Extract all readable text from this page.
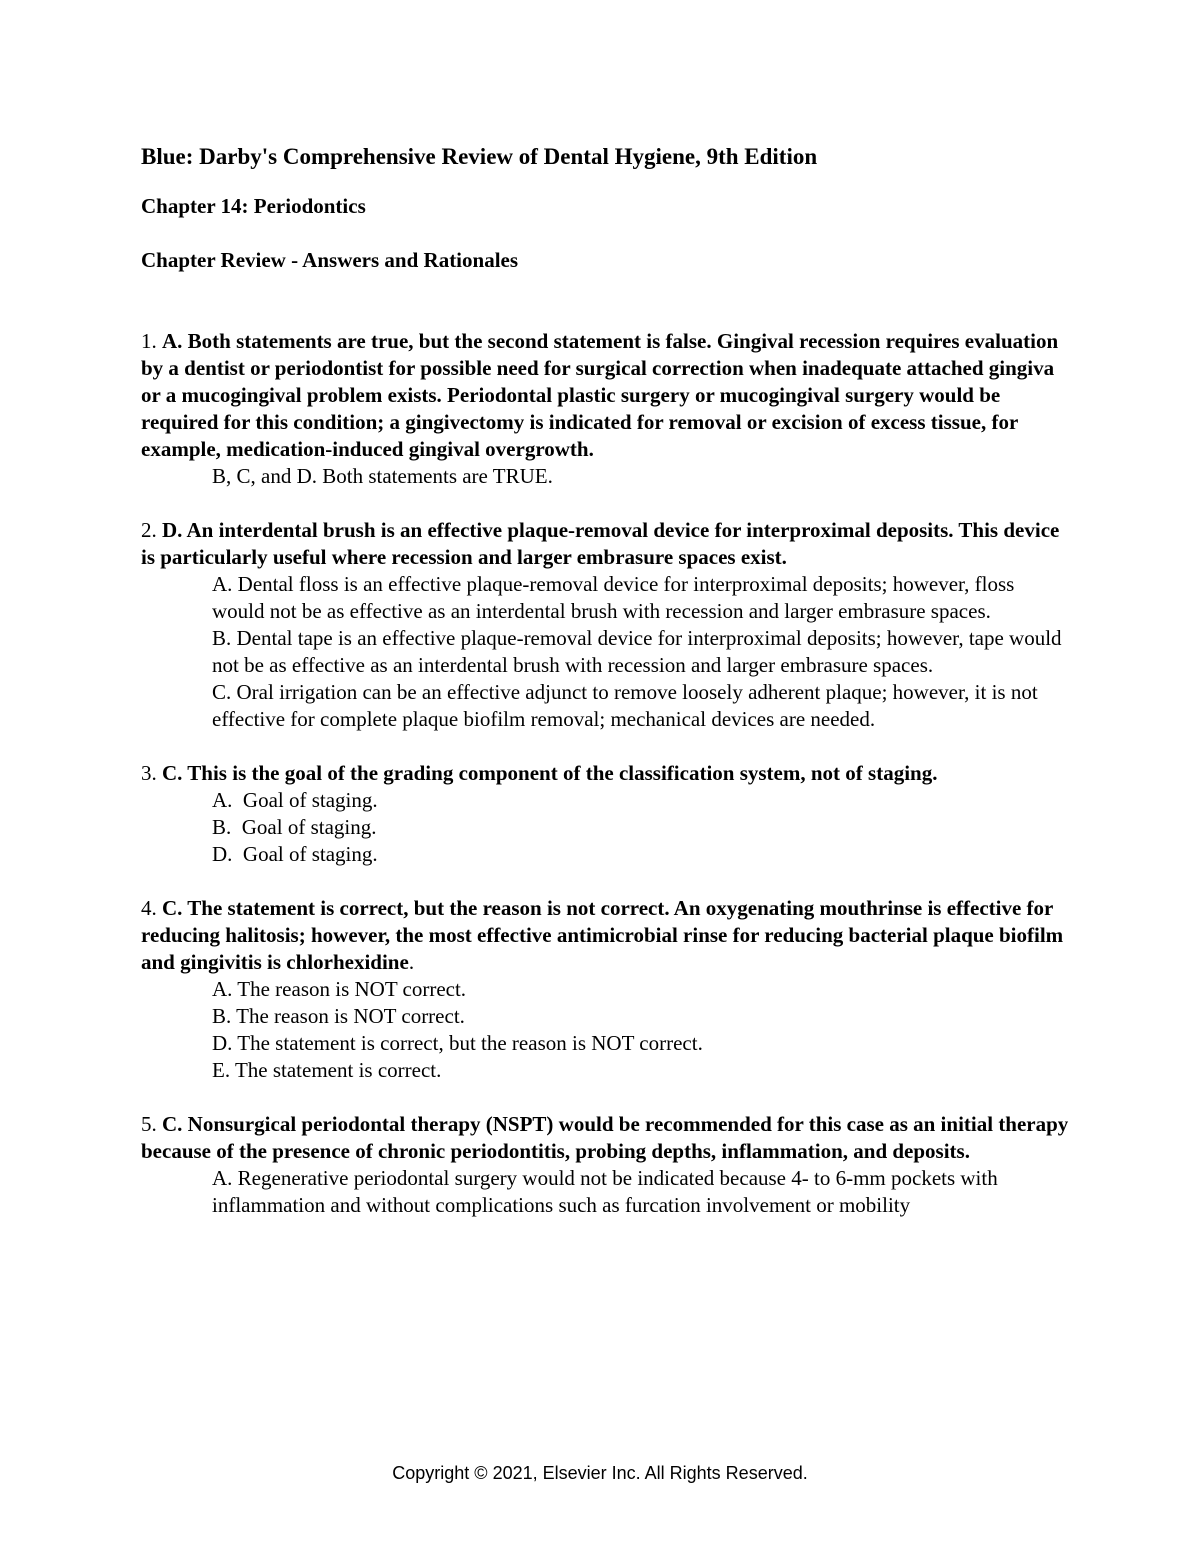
Blue: Darby's Comprehensive Review of Dental Hygiene, 9th Edition
Chapter 14: Periodontics
Chapter Review - Answers and Rationales

1. A. Both statements are true, but the second statement is false. Gingival recession requires evaluation by a dentist or periodontist for possible need for surgical correction when inadequate attached gingiva or a mucogingival problem exists. Periodontal plastic surgery or mucogingival surgery would be required for this condition; a gingivectomy is indicated for removal or excision of excess tissue, for example, medication-induced gingival overgrowth.

B, C, and D. Both statements are TRUE.

2. D. An interdental brush is an effective plaque-removal device for interproximal deposits. This device is particularly useful where recession and larger embrasure spaces exist.

A. Dental floss is an effective plaque-removal device for interproximal deposits; however, floss would not be as effective as an interdental brush with recession and larger embrasure spaces.

B. Dental tape is an effective plaque-removal device for interproximal deposits; however, tape would not be as effective as an interdental brush with recession and larger embrasure spaces.

C. Oral irrigation can be an effective adjunct to remove loosely adherent plaque; however, it is not effective for complete plaque biofilm removal; mechanical devices are needed.

3. C. This is the goal of the grading component of the classification system, not of staging.

A.  Goal of staging.

B.  Goal of staging.

D.  Goal of staging.

4. C. The statement is correct, but the reason is not correct. An oxygenating mouthrinse is effective for reducing halitosis; however, the most effective antimicrobial rinse for reducing bacterial plaque biofilm and gingivitis is chlorhexidine.

A. The reason is NOT correct.

B. The reason is NOT correct.

D. The statement is correct, but the reason is NOT correct.

E. The statement is correct.

5. C. Nonsurgical periodontal therapy (NSPT) would be recommended for this case as an initial therapy because of the presence of chronic periodontitis, probing depths, inflammation, and deposits.

A. Regenerative periodontal surgery would not be indicated because 4- to 6-mm pockets with inflammation and without complications such as furcation involvement or mobility

Copyright © 2021, Elsevier Inc. All Rights Reserved.
